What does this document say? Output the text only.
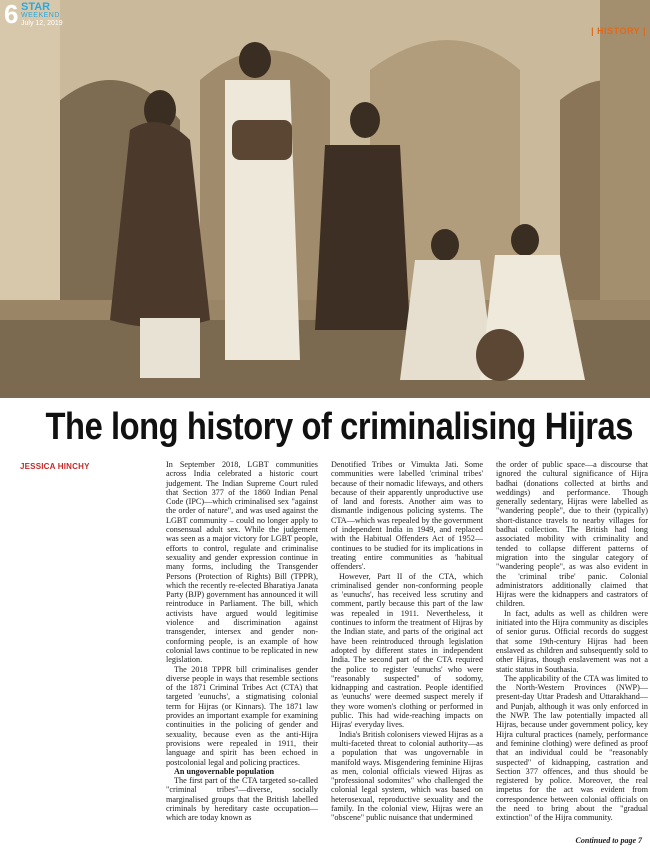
6 STAR
WEEKEND
July 12, 2019
| HISTORY |
The long history of criminalising Hijras
JESSICA HINCHY	In September 2018, LGBT communities across India celebrated a historic court judgement. The Indian Supreme Court ruled that Section 377 of the 1860 Indian Penal Code (IPC)—which criminalised sex "against the order of nature", and was used against the LGBT community – could no longer apply to consensual adult sex. While the judgement was seen as a major victory for LGBT people, efforts to control, regulate and criminalise sexuality and gender expression continue in many forms, including the Transgender Persons (Protection of Rights) Bill (TPPR), which the recently re-elected Bharatiya Janata Party (BJP) government has announced it will reintroduce in Parliament. The bill, which activists have argued would legitimise violence and discrimination against transgender, intersex and gender non-conforming people, is an example of how colonial laws continue to be replicated in new legislation.

The 2018 TPPR bill criminalises gender diverse people in ways that resemble sections of the 1871 Criminal Tribes Act (CTA) that targeted 'eunuchs', a stigmatising colonial term for Hijras (or Kinnars). The 1871 law provides an important example for examining continuities in the policing of gender and sexuality, because even as the anti-Hijra provisions were repealed in 1911, their language and spirit has been echoed in postcolonial legal and policing practices.

An ungovernable population

The first part of the CTA targeted so-called "criminal tribes"—diverse, socially marginalised groups that the British labelled criminals by hereditary caste occupation—which are today known as

Denotified Tribes or Vimukta Jati. Some communities were labelled 'criminal tribes' because of their nomadic lifeways, and others because of their apparently unproductive use of land and forests. Another aim was to dismantle indigenous policing systems. The CTA—which was repealed by the government of independent India in 1949, and replaced with the Habitual Offenders Act of 1952—continues to be studied for its implications in treating entire communities as 'habitual offenders'.

However, Part II of the CTA, which criminalised gender non-conforming people as 'eunuchs', has received less scrutiny and comment, partly because this part of the law was repealed in 1911. Nevertheless, it continues to inform the treatment of Hijras by the Indian state, and parts of the original act have been reintroduced through legislation adopted by different states in independent India. The second part of the CTA required the police to register 'eunuchs' who were "reasonably suspected" of sodomy, kidnapping and castration. People identified as 'eunuchs' were deemed suspect merely if they wore women's clothing or performed in public. This had wide-reaching impacts on Hijras' everyday lives.

India's British colonisers viewed Hijras as a multi-faceted threat to colonial authority—as a population that was ungovernable in manifold ways. Misgendering feminine Hijras as men, colonial officials viewed Hijras as "professional sodomites" who challenged the colonial legal system, which was based on heterosexual, reproductive sexuality and the family. In the colonial view, Hijras were an "obscene" public nuisance that undermined

the order of public space—a discourse that ignored the cultural significance of Hijra badhai (donations collected at births and weddings) and performance. Though generally sedentary, Hijras were labelled as "wandering people", due to their (typically) short-distance travels to nearby villages for badhai collection. The British had long associated mobility with criminality and tended to collapse different patterns of migration into the singular category of "wandering people", as was also evident in the 'criminal tribe' panic. Colonial administrators additionally claimed that Hijras were the kidnappers and castrators of children.

In fact, adults as well as children were initiated into the Hijra community as disciples of senior gurus. Official records do suggest that some 19th-century Hijras had been enslaved as children and subsequently sold to other Hijras, though enslavement was not a static status in Southasia.

The applicability of the CTA was limited to the North-Western Provinces (NWP)—present-day Uttar Pradesh and Uttarakhand—and Punjab, although it was only enforced in the NWP. The law potentially impacted all Hijras, because under government policy, key Hijra cultural practices (namely, performance and feminine clothing) were defined as proof that an individual could be "reasonably suspected" of kidnapping, castration and Section 377 offences, and thus should be registered by police. Moreover, the real impetus for the act was evident from correspondence between colonial officials on the need to bring about the "gradual extinction" of the Hijra community.

Continued to page 7
